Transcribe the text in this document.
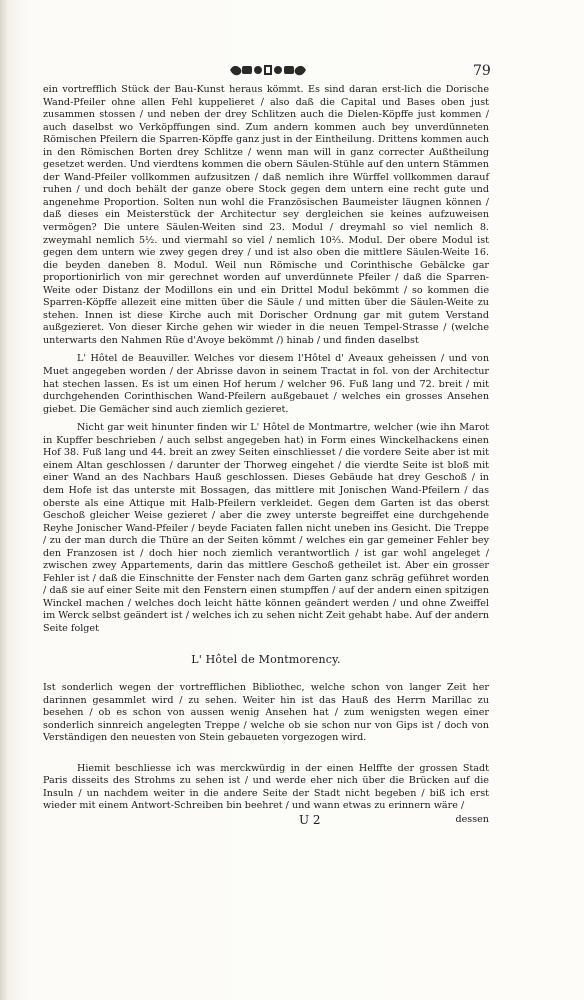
79

ein vortrefflich Stück der Bau-Kunst heraus kömmt. Es sind daran erst-lich die Dorische Wand-Pfeiler ohne allen Fehl kuppelieret / also daß die Capital und Bases oben just zusammen stossen / und neben der drey Schlitzen auch die Dielen-Köpffe just kommen / auch daselbst wo Verköpffungen sind. Zum andern kommen auch bey unverdünneten Römischen Pfeilern die Sparren-Köpffe ganz just in der Eintheilung. Drittens kommen auch in den Römischen Borten drey Schlitze / wenn man will in ganz correcter Außtheilung gesetzet werden. Und vierdtens kommen die obern Säulen-Stühle auf den untern Stämmen der Wand-Pfeiler vollkommen aufzusitzen / daß nemlich ihre Würffel vollkommen darauf ruhen / und doch behält der ganze obere Stock gegen dem untern eine recht gute und angenehme Proportion. Solten nun wohl die Französischen Baumeister läugnen können / daß dieses ein Meisterstück der Architectur sey dergleichen sie keines aufzuweisen vermögen? Die untere Säulen-Weiten sind 23. Modul / dreymahl so viel nemlich 8. zweymahl nemlich 5½. und viermahl so viel / nemlich 10⅔. Modul. Der obere Modul ist gegen dem untern wie zwey gegen drey / und ist also oben die mittlere Säulen-Weite 16. die beyden daneben 8. Modul. Weil nun Römische und Corinthische Gebälcke gar proportionirlich von mir gerechnet worden auf unverdünnete Pfeiler / daß die Sparren-Weite oder Distanz der Modillons ein und ein Drittel Modul bekömmt / so kommen die Sparren-Köpffe allezeit eine mitten über die Säule / und mitten über die Säulen-Weite zu stehen. Innen ist diese Kirche auch mit Dorischer Ordnung gar mit gutem Verstand außgezieret. Von dieser Kirche gehen wir wieder in die neuen Tempel-Strasse / (welche unterwarts den Nahmen Rüe d'Avoye bekömmt /) hinab / und finden daselbst

L' Hôtel de Beauviller. Welches vor diesem l'Hôtel d' Aveaux geheissen / und von Muet angegeben worden / der Abrisse davon in seinem Tractat in fol. von der Architectur hat stechen lassen. Es ist um einen Hof herum / welcher 96. Fuß lang und 72. breit / mit durchgehenden Corinthischen Wand-Pfeilern außgebauet / welches ein grosses Ansehen giebet. Die Gemächer sind auch ziemlich gezieret.

Nicht gar weit hinunter finden wir L' Hôtel de Montmartre, welcher (wie ihn Marot in Kupffer beschrieben / auch selbst angegeben hat) in Form eines Winckelhackens einen Hof 38. Fuß lang und 44. breit an zwey Seiten einschliesset / die vordere Seite aber ist mit einem Altan geschlossen / darunter der Thorweg eingehet / die vierdte Seite ist bloß mit einer Wand an des Nachbars Hauß geschlossen. Dieses Gebäude hat drey Geschoß / in dem Hofe ist das unterste mit Bossagen, das mittlere mit Jonischen Wand-Pfeilern / das oberste als eine Attique mit Halb-Pfeilern verkleidet. Gegen dem Garten ist das oberst Geschoß gleicher Weise gezieret / aber die zwey unterste begreiffet eine durchgehende Reyhe Jonischer Wand-Pfeiler / beyde Faciaten fallen nicht uneben ins Gesicht. Die Treppe / zu der man durch die Thüre an der Seiten kömmt / welches ein gar gemeiner Fehler bey den Franzosen ist / doch hier noch ziemlich verantwortlich / ist gar wohl angeleget / zwischen zwey Appartements, darin das mittlere Geschoß getheilet ist. Aber ein grosser Fehler ist / daß die Einschnitte der Fenster nach dem Garten ganz schräg geführet worden / daß sie auf einer Seite mit den Fenstern einen stumpffen / auf der andern einen spitzigen Winckel machen / welches doch leicht hätte können geändert werden / und ohne Zweiffel im Werck selbst geändert ist / welches ich zu sehen nicht Zeit gehabt habe. Auf der andern Seite folget

L' Hôtel de Montmorency.

Ist sonderlich wegen der vortrefflichen Bibliothec, welche schon von langer Zeit her darinnen gesammlet wird / zu sehen. Weiter hin ist das Hauß des Herrn Marillac zu besehen / ob es schon von aussen wenig Ansehen hat / zum wenigsten wegen einer sonderlich sinnreich angelegten Treppe / welche ob sie schon nur von Gips ist / doch von Verständigen den neuesten von Stein gebaueten vorgezogen wird.

Hiemit beschliesse ich was merckwürdig in der einen Helffte der grossen Stadt Paris disseits des Strohms zu sehen ist / und werde eher nich über die Brücken auf die Insuln / un nachdem weiter in die andere Seite der Stadt nicht begeben / biß ich erst wieder mit einem Antwort-Schreiben bin beehret / und wann etwas zu erinnern wäre /

U 2	dessen
